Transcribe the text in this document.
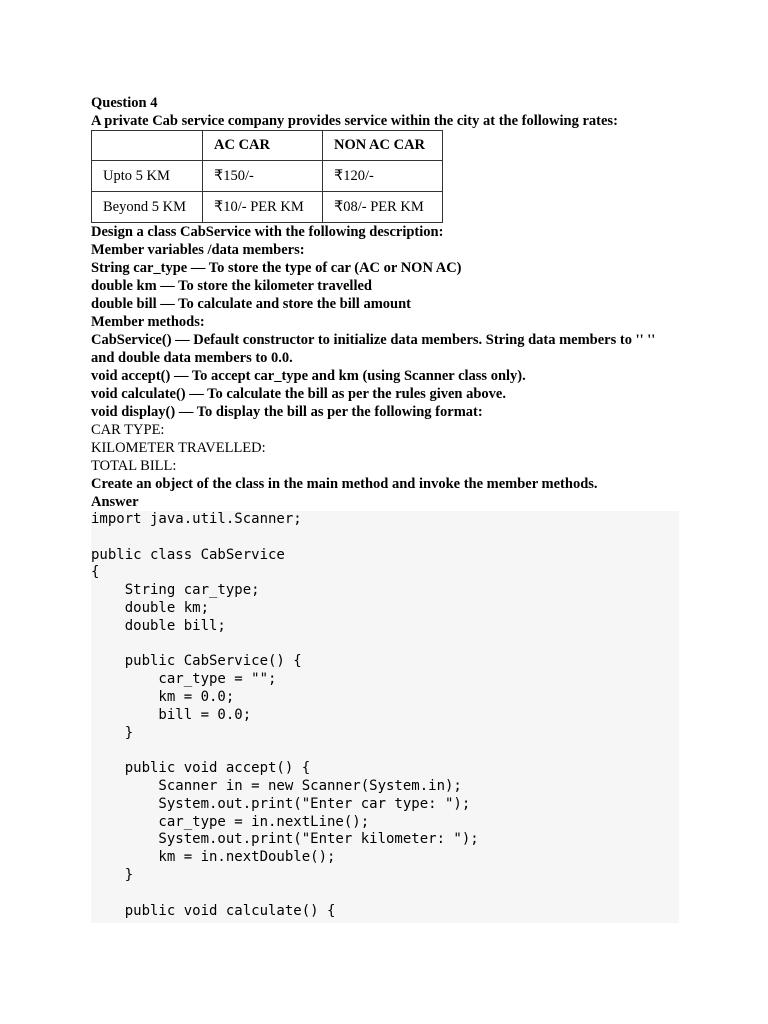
Question 4
A private Cab service company provides service within the city at the following rates:
	AC CAR	NON AC CAR
Upto 5 KM	₹150/-	₹120/-
Beyond 5 KM	₹10/- PER KM	₹08/- PER KM
Design a class CabService with the following description:
Member variables /data members:
String car_type — To store the type of car (AC or NON AC)
double km — To store the kilometer travelled
double bill — To calculate and store the bill amount
Member methods:
CabService() — Default constructor to initialize data members. String data members to '' ''
and double data members to 0.0.
void accept() — To accept car_type and km (using Scanner class only).
void calculate() — To calculate the bill as per the rules given above.
void display() — To display the bill as per the following format:
CAR TYPE:
KILOMETER TRAVELLED:
TOTAL BILL:
Create an object of the class in the main method and invoke the member methods.
Answer
import java.util.Scanner;
public class CabService
{
String car_type;
double km;
double bill;
public CabService() {
car_type = "";
km = 0.0;
bill = 0.0;
}
public void accept() {
Scanner in = new Scanner(System.in);
System.out.print("Enter car type: ");
car_type = in.nextLine();
System.out.print("Enter kilometer: ");
km = in.nextDouble();
}
public void calculate() {
